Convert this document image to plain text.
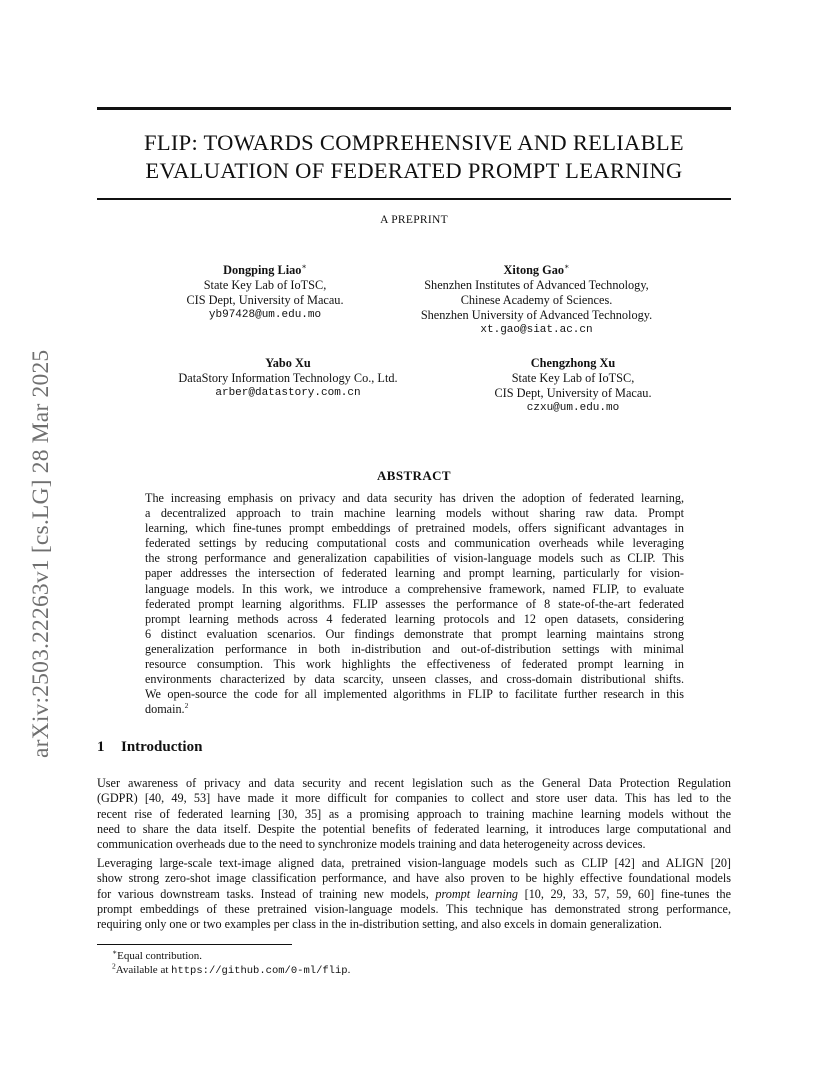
arXiv:2503.22263v1 [cs.LG] 28 Mar 2025
FLIP: TOWARDS COMPREHENSIVE AND RELIABLE
EVALUATION OF FEDERATED PROMPT LEARNING
A PREPRINT
Dongping Liao∗
State Key Lab of IoTSC,
CIS Dept, University of Macau.
yb97428@um.edu.mo
Xitong Gao∗
Shenzhen Institutes of Advanced Technology,
Chinese Academy of Sciences.
Shenzhen University of Advanced Technology.
xt.gao@siat.ac.cn
Yabo Xu
DataStory Information Technology Co., Ltd.
arber@datastory.com.cn
Chengzhong Xu
State Key Lab of IoTSC,
CIS Dept, University of Macau.
czxu@um.edu.mo
ABSTRACT
The increasing emphasis on privacy and data security has driven the adoption of federated learning,
a decentralized approach to train machine learning models without sharing raw data. Prompt
learning, which fine-tunes prompt embeddings of pretrained models, offers significant advantages in
federated settings by reducing computational costs and communication overheads while leveraging
the strong performance and generalization capabilities of vision-language models such as CLIP. This
paper addresses the intersection of federated learning and prompt learning, particularly for vision-
language models. In this work, we introduce a comprehensive framework, named FLIP, to evaluate
federated prompt learning algorithms. FLIP assesses the performance of 8 state-of-the-art federated
prompt learning methods across 4 federated learning protocols and 12 open datasets, considering
6 distinct evaluation scenarios. Our findings demonstrate that prompt learning maintains strong
generalization performance in both in-distribution and out-of-distribution settings with minimal
resource consumption. This work highlights the effectiveness of federated prompt learning in
environments characterized by data scarcity, unseen classes, and cross-domain distributional shifts.
We open-source the code for all implemented algorithms in FLIP to facilitate further research in this
domain.$^2$
1 Introduction
User awareness of privacy and data security and recent legislation such as the General Data Protection Regulation
(GDPR) [40, 49, 53] have made it more difficult for companies to collect and store user data. This has led to the
recent rise of federated learning [30, 35] as a promising approach to training machine learning models without the
need to share the data itself. Despite the potential benefits of federated learning, it introduces large computational and
communication overheads due to the need to synchronize models training and data heterogeneity across devices.
Leveraging large-scale text-image aligned data, pretrained vision-language models such as CLIP [42] and ALIGN [20]
show strong zero-shot image classification performance, and have also proven to be highly effective foundational models
for various downstream tasks. Instead of training new models, prompt learning [10, 29, 33, 57, 59, 60] fine-tunes the
prompt embeddings of these pretrained vision-language models. This technique has demonstrated strong performance,
requiring only one or two examples per class in the in-distribution setting, and also excels in domain generalization.
∗Equal contribution.
$^2$Available at https://github.com/0-ml/flip.
